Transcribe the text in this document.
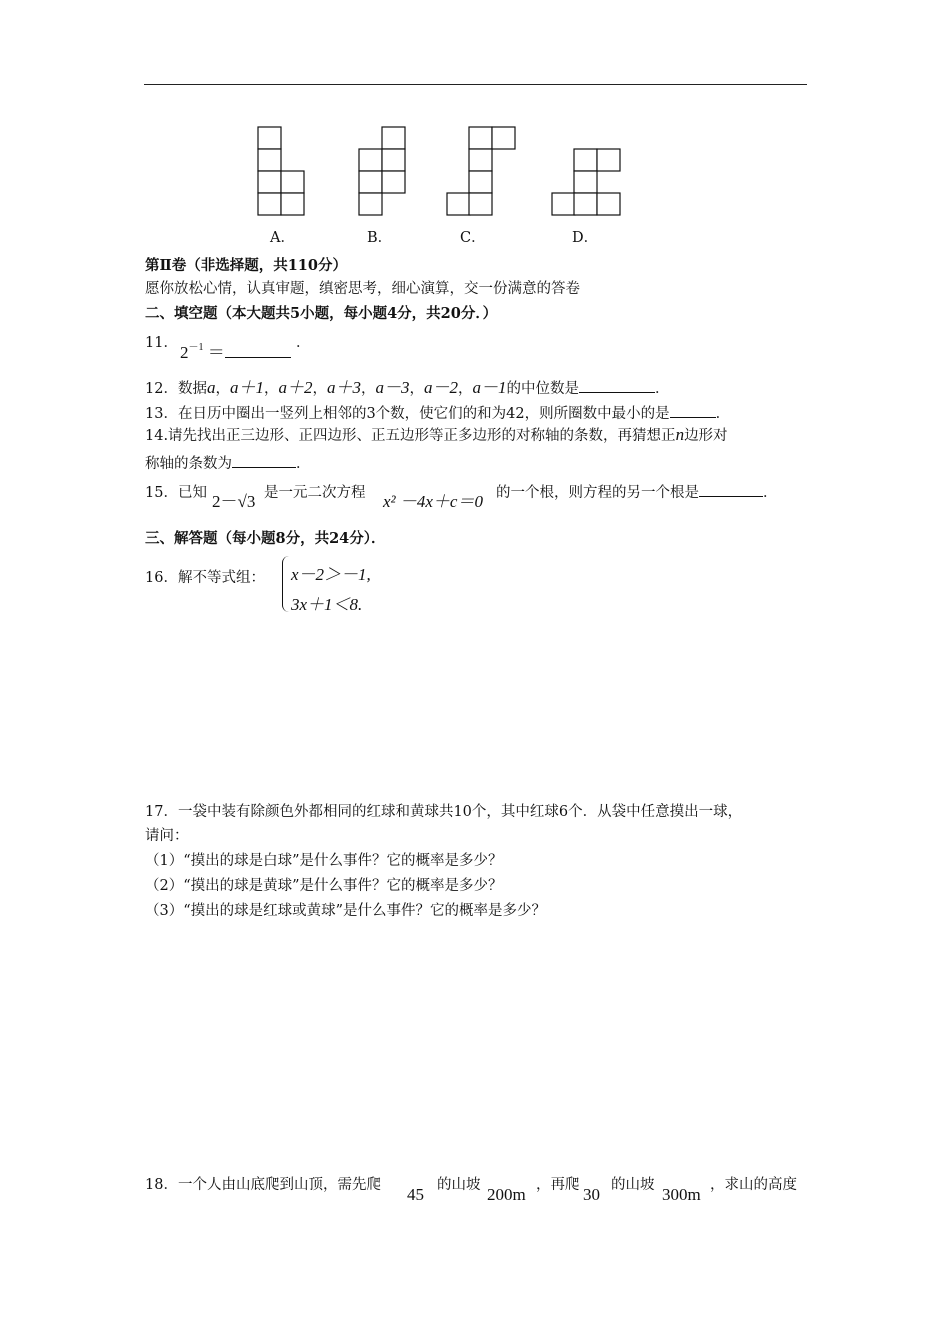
A．	B．	C．	D．
第Ⅱ卷（非选择题，共110分）
愿你放松心情，认真审题，缜密思考，细心演算，交一份满意的答卷
二、填空题（本大题共5小题，每小题4分，共20分．）
11． $2^{-1}$ ＝	．
12．数据a，a＋1，a＋2，a＋3，a－3，a－2，a－1的中位数是	．
13．在日历中圈出一竖列上相邻的3个数，使它们的和为42，则所圈数中最小的是	．
14.请先找出正三边形、正四边形、正五边形等正多边形的对称轴的条数，再猜想正n边形对
称轴的条数为	．
15．已知 2－√3 是一元二次方程 x² －4x＋c＝0 的一个根，则方程的另一个根是	．
三、解答题（每小题8分，共24分）．
16．解不等式组： x－2＞－1,
3x＋1＜8.
17．一袋中装有除颜色外都相同的红球和黄球共10个，其中红球6个．从袋中任意摸出一球，
请问：
（1）“摸出的球是白球”是什么事件？它的概率是多少？
（2）“摸出的球是黄球”是什么事件？它的概率是多少？
（3）“摸出的球是红球或黄球”是什么事件？它的概率是多少？
18．一个人由山底爬到山顶，需先爬 45 的山坡 200m ，再爬 30 的山坡 300m ，求山的高度
